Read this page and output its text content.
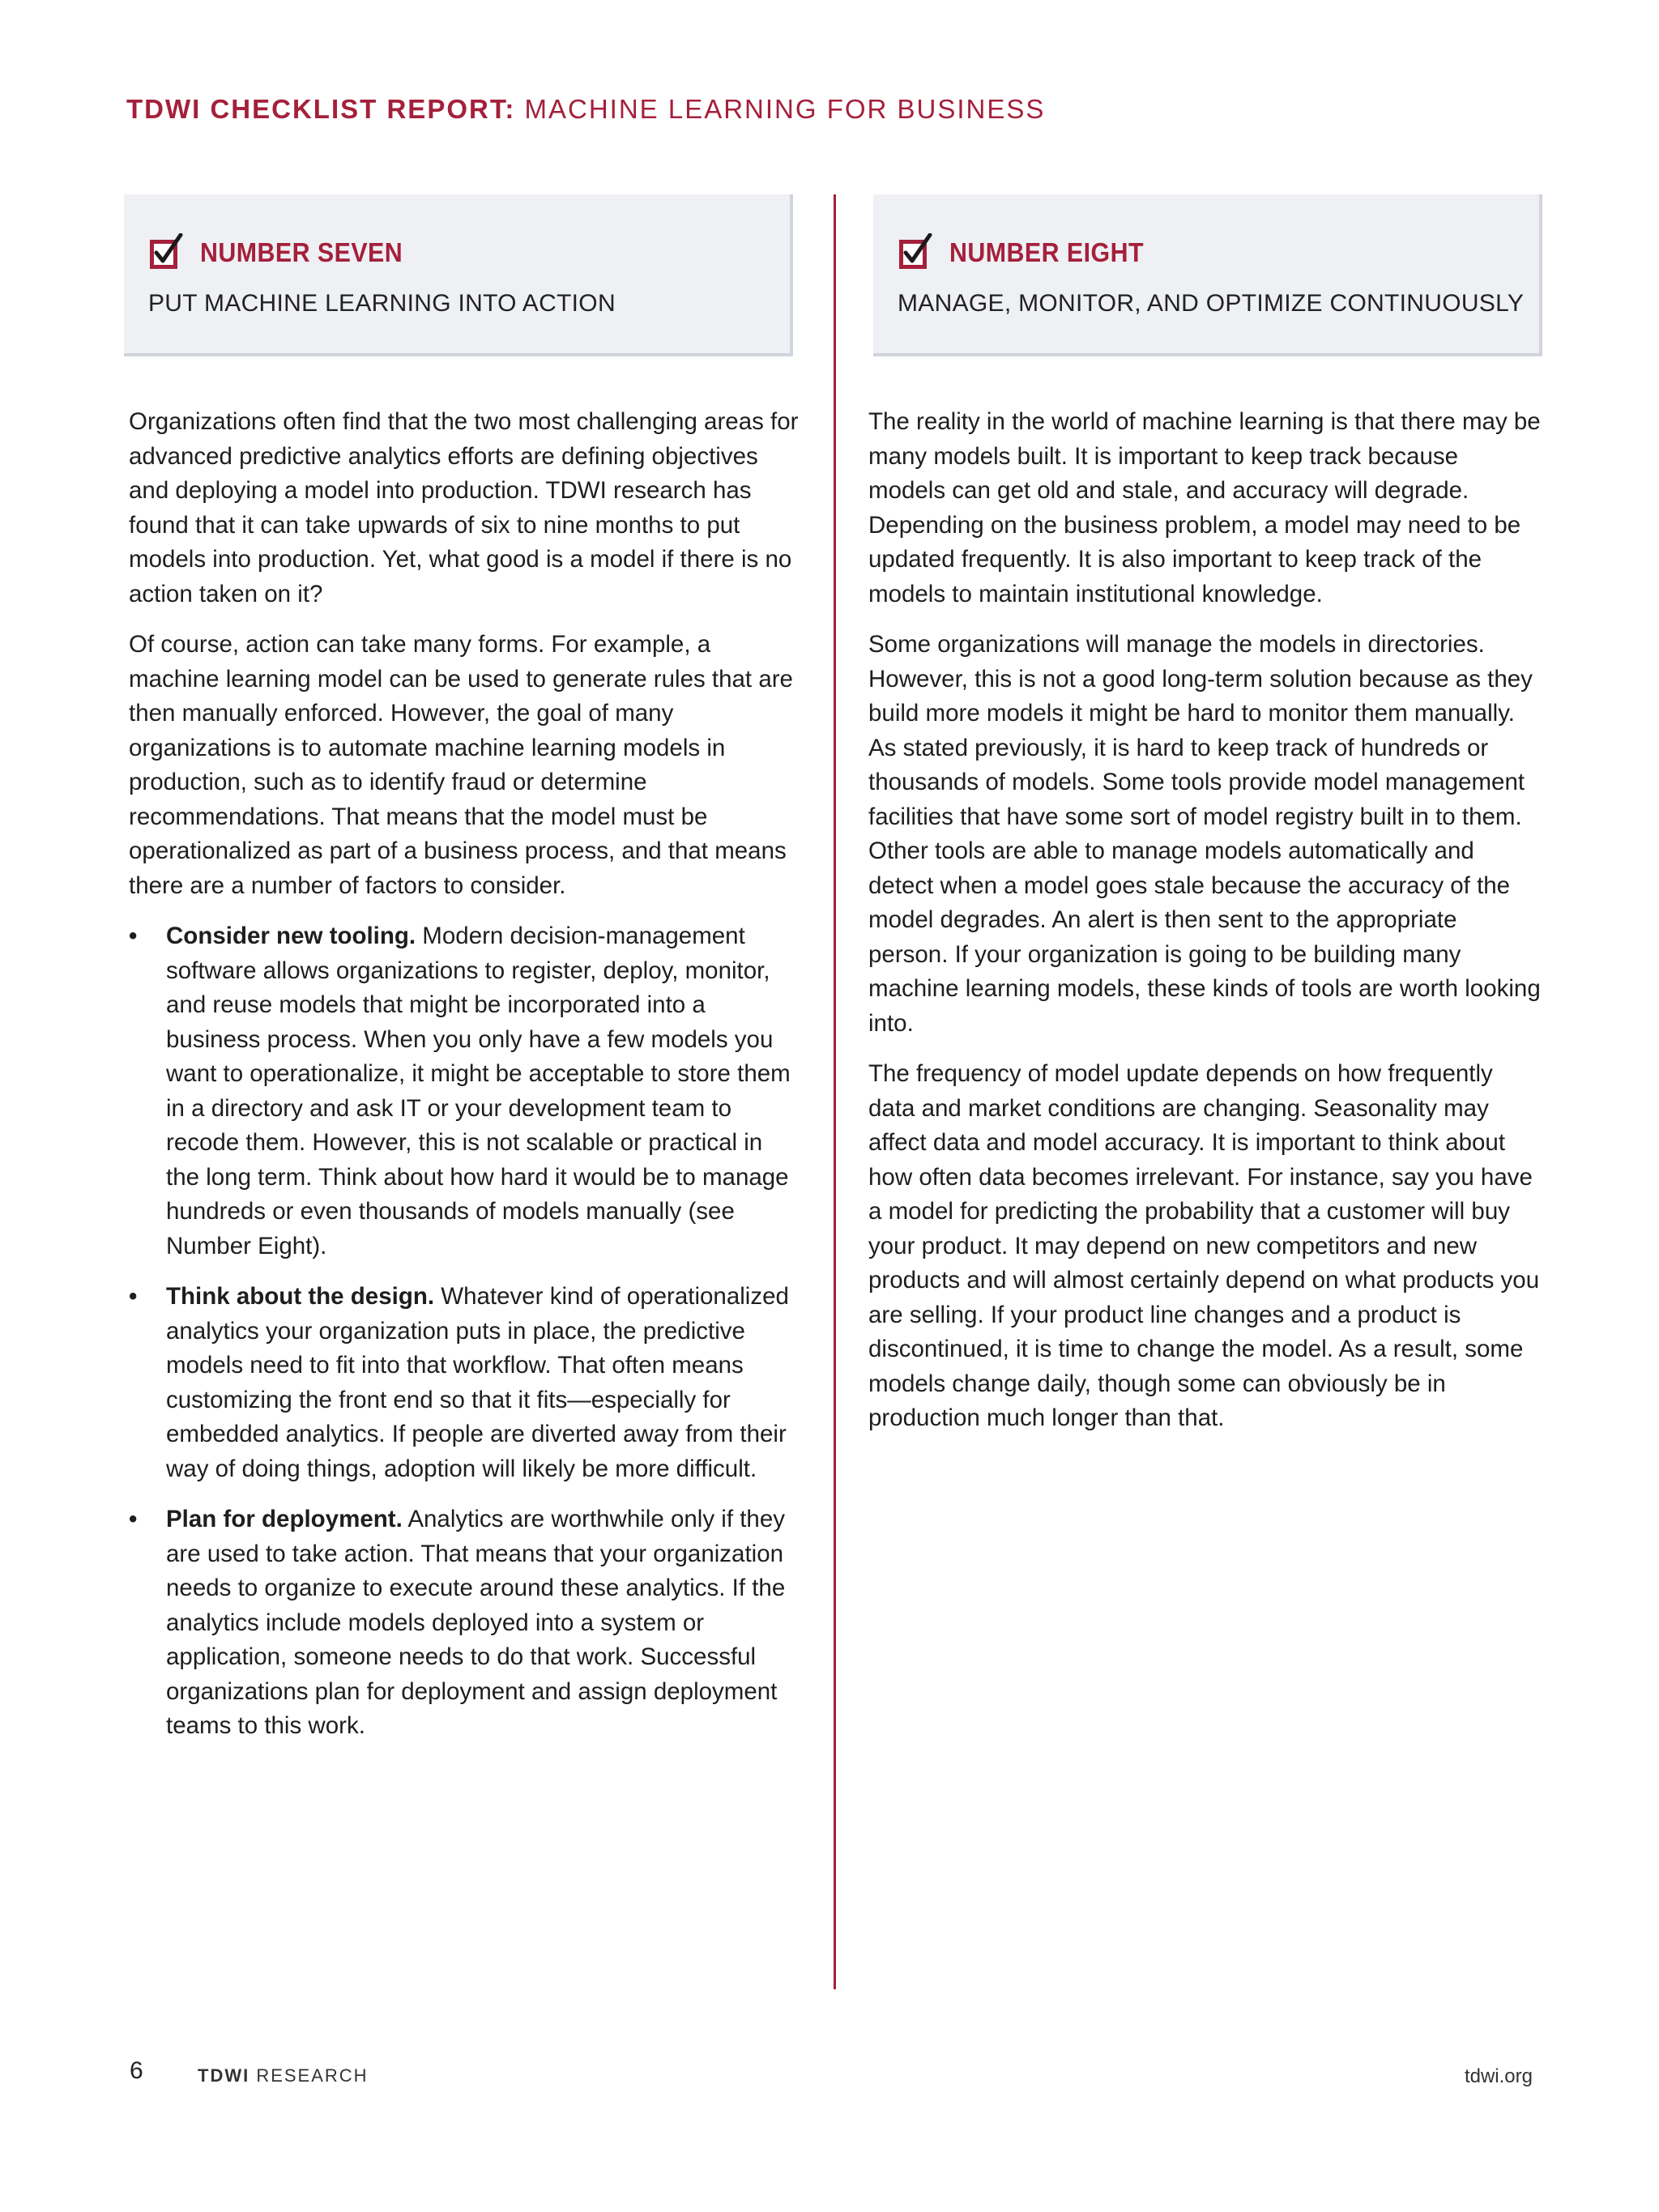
TDWI CHECKLIST REPORT: MACHINE LEARNING FOR BUSINESS
NUMBER SEVEN
PUT MACHINE LEARNING INTO ACTION
NUMBER EIGHT
MANAGE, MONITOR, AND OPTIMIZE CONTINUOUSLY

Organizations often find that the two most challenging areas for advanced predictive analytics efforts are defining objectives and deploying a model into production. TDWI research has found that it can take upwards of six to nine months to put models into production. Yet, what good is a model if there is no action taken on it?

Of course, action can take many forms. For example, a machine learning model can be used to generate rules that are then manually enforced. However, the goal of many organizations is to automate machine learning models in production, such as to identify fraud or determine recommendations. That means that the model must be operationalized as part of a business process, and that means there are a number of factors to consider.

• Consider new tooling. Modern decision-management software allows organizations to register, deploy, monitor, and reuse models that might be incorporated into a business process. When you only have a few models you want to operationalize, it might be acceptable to store them in a directory and ask IT or your development team to recode them. However, this is not scalable or practical in the long term. Think about how hard it would be to manage hundreds or even thousands of models manually (see Number Eight).
• Think about the design. Whatever kind of operationalized analytics your organization puts in place, the predictive models need to fit into that workflow. That often means customizing the front end so that it fits—especially for embedded analytics. If people are diverted away from their way of doing things, adoption will likely be more difficult.
• Plan for deployment. Analytics are worthwhile only if they are used to take action. That means that your organization needs to organize to execute around these analytics. If the analytics include models deployed into a system or application, someone needs to do that work. Successful organizations plan for deployment and assign deployment teams to this work.

The reality in the world of machine learning is that there may be many models built. It is important to keep track because models can get old and stale, and accuracy will degrade. Depending on the business problem, a model may need to be updated frequently. It is also important to keep track of the models to maintain institutional knowledge.

Some organizations will manage the models in directories. However, this is not a good long-term solution because as they build more models it might be hard to monitor them manually. As stated previously, it is hard to keep track of hundreds or thousands of models. Some tools provide model management facilities that have some sort of model registry built in to them. Other tools are able to manage models automatically and detect when a model goes stale because the accuracy of the model degrades. An alert is then sent to the appropriate person. If your organization is going to be building many machine learning models, these kinds of tools are worth looking into.

The frequency of model update depends on how frequently data and market conditions are changing. Seasonality may affect data and model accuracy. It is important to think about how often data becomes irrelevant. For instance, say you have a model for predicting the probability that a customer will buy your product. It may depend on new competitors and new products and will almost certainly depend on what products you are selling. If your product line changes and a product is discontinued, it is time to change the model. As a result, some models change daily, though some can obviously be in production much longer than that.

6	TDWI RESEARCH	tdwi.org
